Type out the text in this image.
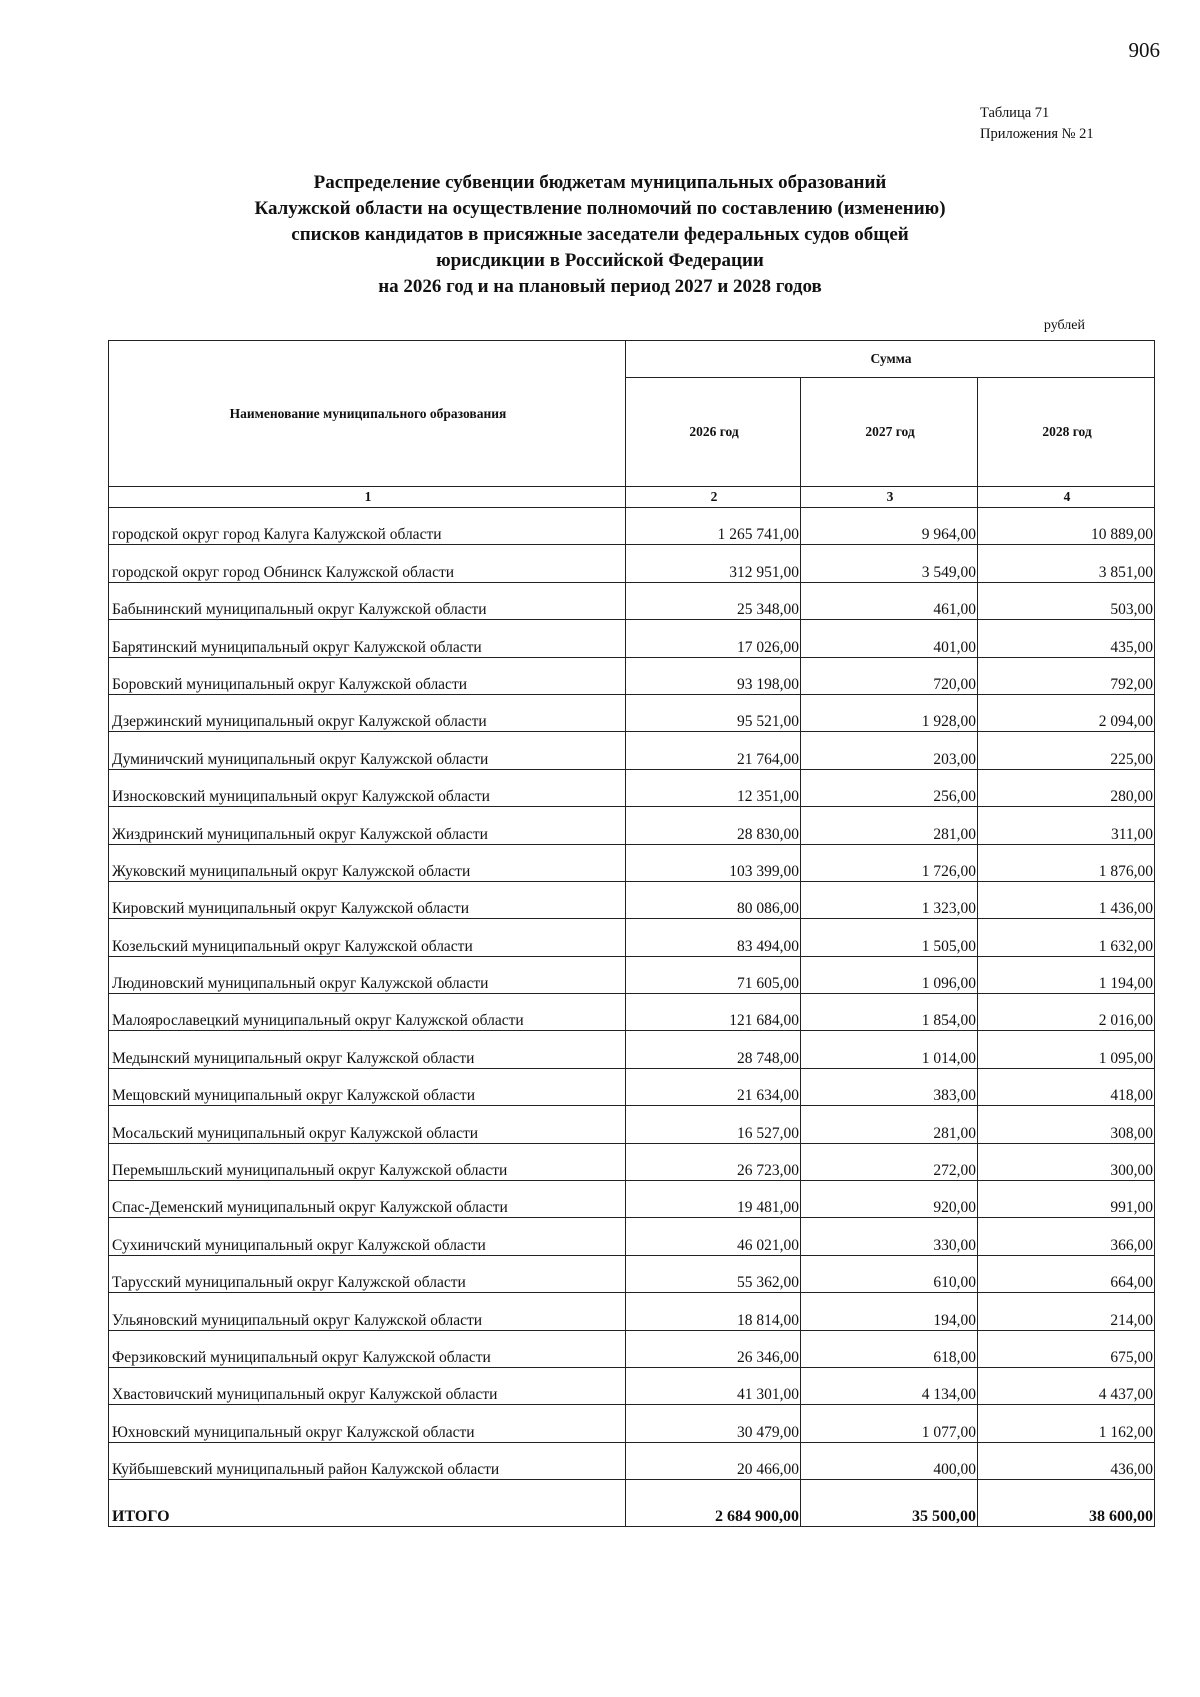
906
Таблица 71
Приложения № 21
Распределение субвенции бюджетам муниципальных образований
Калужской области на осуществление полномочий по составлению (изменению)
списков кандидатов в присяжные заседатели федеральных судов общей
юрисдикции в Российской Федерации
на 2026 год и на плановый период 2027 и 2028 годов
рублей
Наименование муниципального образования	Сумма		
	2026 год	2027 год	2028 год
1	2	3	4
городской округ город Калуга Калужской области	1 265 741,00	9 964,00	10 889,00
городской округ город Обнинск Калужской области	312 951,00	3 549,00	3 851,00
Бабынинский муниципальный округ Калужской области	25 348,00	461,00	503,00
Барятинский муниципальный округ Калужской области	17 026,00	401,00	435,00
Боровский муниципальный округ Калужской области	93 198,00	720,00	792,00
Дзержинский муниципальный округ Калужской области	95 521,00	1 928,00	2 094,00
Думиничский муниципальный округ Калужской области	21 764,00	203,00	225,00
Износковский муниципальный округ Калужской области	12 351,00	256,00	280,00
Жиздринский муниципальный округ Калужской области	28 830,00	281,00	311,00
Жуковский муниципальный округ Калужской области	103 399,00	1 726,00	1 876,00
Кировский муниципальный округ Калужской области	80 086,00	1 323,00	1 436,00
Козельский муниципальный округ Калужской области	83 494,00	1 505,00	1 632,00
Людиновский муниципальный округ Калужской области	71 605,00	1 096,00	1 194,00
Малоярославецкий муниципальный округ Калужской области	121 684,00	1 854,00	2 016,00
Медынский муниципальный округ Калужской области	28 748,00	1 014,00	1 095,00
Мещовский муниципальный округ Калужской области	21 634,00	383,00	418,00
Мосальский муниципальный округ Калужской области	16 527,00	281,00	308,00
Перемышльский муниципальный округ Калужской области	26 723,00	272,00	300,00
Спас-Деменский муниципальный округ Калужской области	19 481,00	920,00	991,00
Сухиничский муниципальный округ Калужской области	46 021,00	330,00	366,00
Тарусский муниципальный округ Калужской области	55 362,00	610,00	664,00
Ульяновский муниципальный округ Калужской области	18 814,00	194,00	214,00
Ферзиковский муниципальный округ Калужской области	26 346,00	618,00	675,00
Хвастовичский муниципальный округ Калужской области	41 301,00	4 134,00	4 437,00
Юхновский муниципальный округ Калужской области	30 479,00	1 077,00	1 162,00
Куйбышевский муниципальный район Калужской области	20 466,00	400,00	436,00
ИТОГО	2 684 900,00	35 500,00	38 600,00
